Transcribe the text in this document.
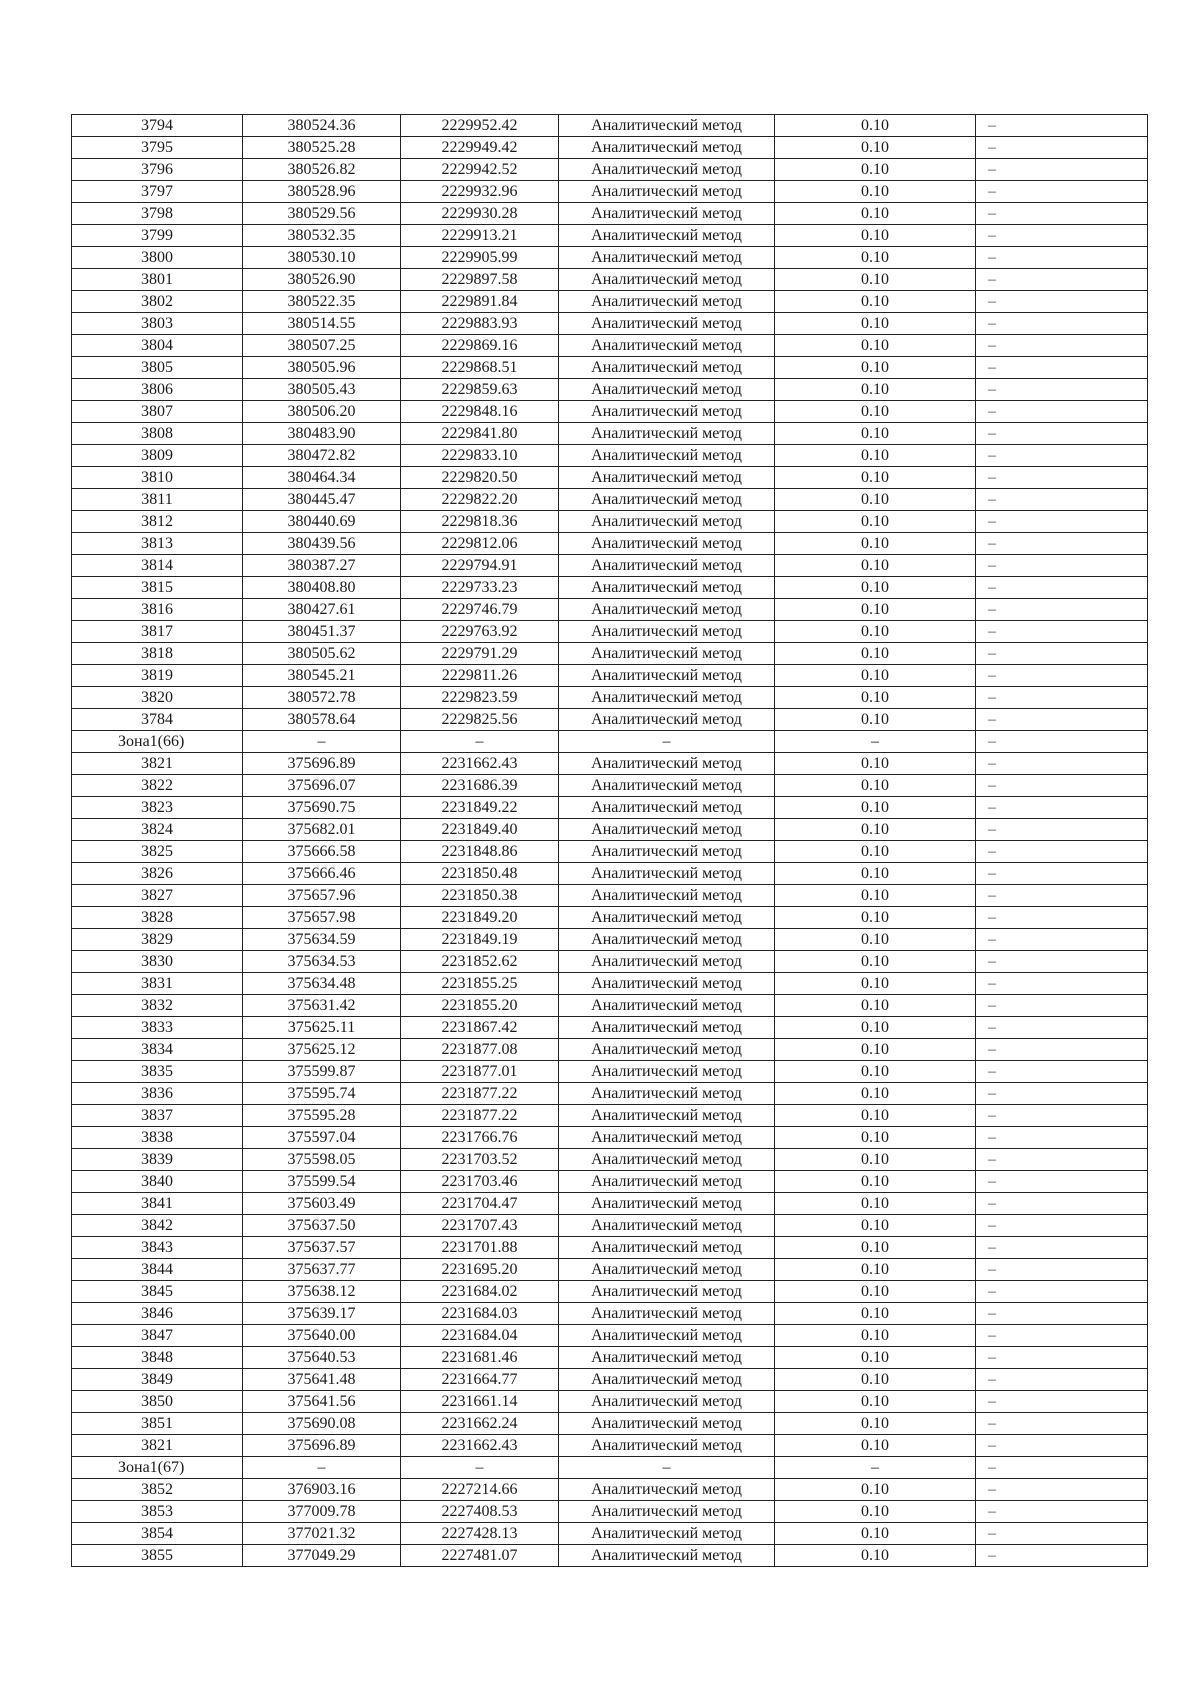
3794	380524.36	2229952.42	Аналитический метод	0.10	–
3795	380525.28	2229949.42	Аналитический метод	0.10	–
3796	380526.82	2229942.52	Аналитический метод	0.10	–
3797	380528.96	2229932.96	Аналитический метод	0.10	–
3798	380529.56	2229930.28	Аналитический метод	0.10	–
3799	380532.35	2229913.21	Аналитический метод	0.10	–
3800	380530.10	2229905.99	Аналитический метод	0.10	–
3801	380526.90	2229897.58	Аналитический метод	0.10	–
3802	380522.35	2229891.84	Аналитический метод	0.10	–
3803	380514.55	2229883.93	Аналитический метод	0.10	–
3804	380507.25	2229869.16	Аналитический метод	0.10	–
3805	380505.96	2229868.51	Аналитический метод	0.10	–
3806	380505.43	2229859.63	Аналитический метод	0.10	–
3807	380506.20	2229848.16	Аналитический метод	0.10	–
3808	380483.90	2229841.80	Аналитический метод	0.10	–
3809	380472.82	2229833.10	Аналитический метод	0.10	–
3810	380464.34	2229820.50	Аналитический метод	0.10	–
3811	380445.47	2229822.20	Аналитический метод	0.10	–
3812	380440.69	2229818.36	Аналитический метод	0.10	–
3813	380439.56	2229812.06	Аналитический метод	0.10	–
3814	380387.27	2229794.91	Аналитический метод	0.10	–
3815	380408.80	2229733.23	Аналитический метод	0.10	–
3816	380427.61	2229746.79	Аналитический метод	0.10	–
3817	380451.37	2229763.92	Аналитический метод	0.10	–
3818	380505.62	2229791.29	Аналитический метод	0.10	–
3819	380545.21	2229811.26	Аналитический метод	0.10	–
3820	380572.78	2229823.59	Аналитический метод	0.10	–
3784	380578.64	2229825.56	Аналитический метод	0.10	–
Зона1(66)	–	–	–	–	–
3821	375696.89	2231662.43	Аналитический метод	0.10	–
3822	375696.07	2231686.39	Аналитический метод	0.10	–
3823	375690.75	2231849.22	Аналитический метод	0.10	–
3824	375682.01	2231849.40	Аналитический метод	0.10	–
3825	375666.58	2231848.86	Аналитический метод	0.10	–
3826	375666.46	2231850.48	Аналитический метод	0.10	–
3827	375657.96	2231850.38	Аналитический метод	0.10	–
3828	375657.98	2231849.20	Аналитический метод	0.10	–
3829	375634.59	2231849.19	Аналитический метод	0.10	–
3830	375634.53	2231852.62	Аналитический метод	0.10	–
3831	375634.48	2231855.25	Аналитический метод	0.10	–
3832	375631.42	2231855.20	Аналитический метод	0.10	–
3833	375625.11	2231867.42	Аналитический метод	0.10	–
3834	375625.12	2231877.08	Аналитический метод	0.10	–
3835	375599.87	2231877.01	Аналитический метод	0.10	–
3836	375595.74	2231877.22	Аналитический метод	0.10	–
3837	375595.28	2231877.22	Аналитический метод	0.10	–
3838	375597.04	2231766.76	Аналитический метод	0.10	–
3839	375598.05	2231703.52	Аналитический метод	0.10	–
3840	375599.54	2231703.46	Аналитический метод	0.10	–
3841	375603.49	2231704.47	Аналитический метод	0.10	–
3842	375637.50	2231707.43	Аналитический метод	0.10	–
3843	375637.57	2231701.88	Аналитический метод	0.10	–
3844	375637.77	2231695.20	Аналитический метод	0.10	–
3845	375638.12	2231684.02	Аналитический метод	0.10	–
3846	375639.17	2231684.03	Аналитический метод	0.10	–
3847	375640.00	2231684.04	Аналитический метод	0.10	–
3848	375640.53	2231681.46	Аналитический метод	0.10	–
3849	375641.48	2231664.77	Аналитический метод	0.10	–
3850	375641.56	2231661.14	Аналитический метод	0.10	–
3851	375690.08	2231662.24	Аналитический метод	0.10	–
3821	375696.89	2231662.43	Аналитический метод	0.10	–
Зона1(67)	–	–	–	–	–
3852	376903.16	2227214.66	Аналитический метод	0.10	–
3853	377009.78	2227408.53	Аналитический метод	0.10	–
3854	377021.32	2227428.13	Аналитический метод	0.10	–
3855	377049.29	2227481.07	Аналитический метод	0.10	–
